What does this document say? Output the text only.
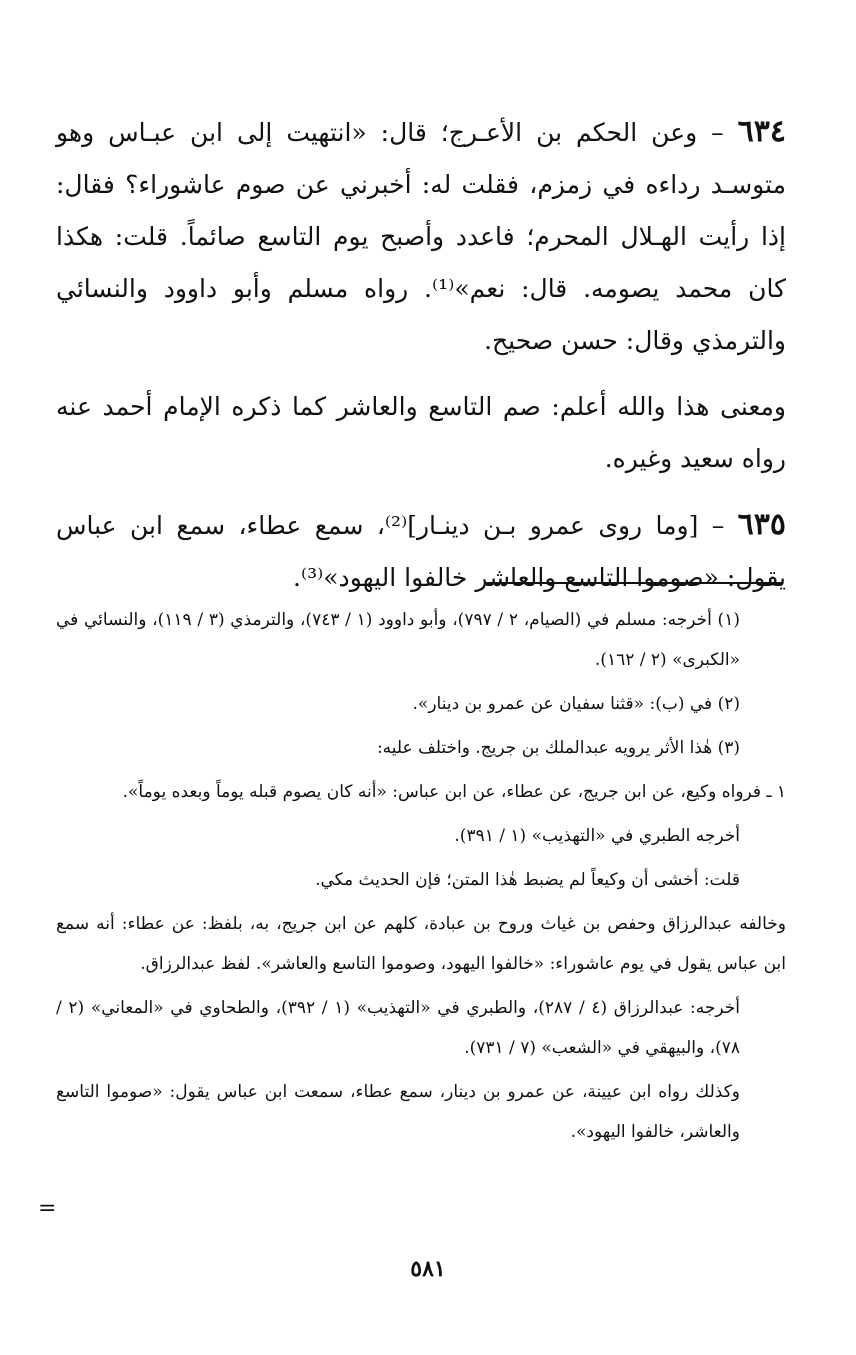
٦٣٤ – وعن الحكم بن الأعـرج؛ قال: «انتهيت إلى ابن عبـاس وهو متوسـد رداءه في زمزم، فقلت له: أخبرني عن صوم عاشوراء؟ فقال: إذا رأيت الهـلال المحرم؛ فاعدد وأصبح يوم التاسع صائماً. قلت: هكذا كان محمد يصومه. قال: نعم»⁽¹⁾. رواه مسلم وأبو داوود والنسائي والترمذي وقال: حسن صحيح.

ومعنى هذا والله أعلم: صم التاسع والعاشر كما ذكره الإمام أحمد عنه رواه سعيد وغيره.

٦٣٥ – [وما روى عمرو بـن دينـار]⁽²⁾، سمع عطاء، سمع ابن عباس يقول: «صوموا التاسع والعاشر خالفوا اليهود»⁽³⁾.

(١) أخرجه: مسلم في (الصيام، ٢ / ٧٩٧)، وأبو داوود (١ / ٧٤٣)، والترمذي (٣ / ١١٩)، والنسائي في «الكبرى» (٢ / ١٦٢).

(٢) في (ب): «قثنا سفيان عن عمرو بن دينار».

(٣) هٰذا الأثر يرويه عبدالملك بن جريج. واختلف عليه:

١ ـ فرواه وكيع، عن ابن جريج، عن عطاء، عن ابن عباس: «أنه كان يصوم قبله يوماً وبعده يوماً».

أخرجه الطبري في «التهذيب» (١ / ٣٩١).

قلت: أخشى أن وكيعاً لم يضبط هٰذا المتن؛ فإن الحديث مكي.

وخالفه عبدالرزاق وحفص بن غياث وروح بن عبادة، كلهم عن ابن جريج، به، بلفظ: عن عطاء: أنه سمع ابن عباس يقول في يوم عاشوراء: «خالفوا اليهود، وصوموا التاسع والعاشر». لفظ عبدالرزاق.

أخرجه: عبدالرزاق (٤ / ٢٨٧)، والطبري في «التهذيب» (١ / ٣٩٢)، والطحاوي في «المعاني» (٢ / ٧٨)، والبيهقي في «الشعب» (٧ / ٧٣١).

وكذلك رواه ابن عيينة، عن عمرو بن دينار، سمع عطاء، سمعت ابن عباس يقول: «صوموا التاسع والعاشر، خالفوا اليهود».

=
٥٨١
